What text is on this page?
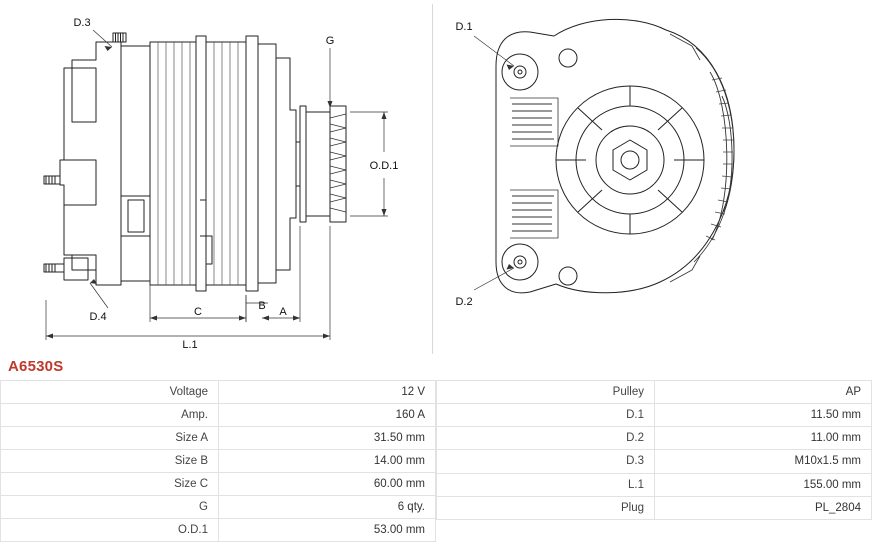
D.3
G
O.D.1
D.4	C	B A
L.1
D.1
D.2
A6530S
Voltage	12 V
Amp.	160 A
Size A	31.50 mm
Size B	14.00 mm
Size C	60.00 mm
G	6 qty.
O.D.1	53.00 mm
Pulley	AP
D.1	11.50 mm
D.2	11.00 mm
D.3	M10x1.5 mm
L.1	155.00 mm
Plug	PL_2804
